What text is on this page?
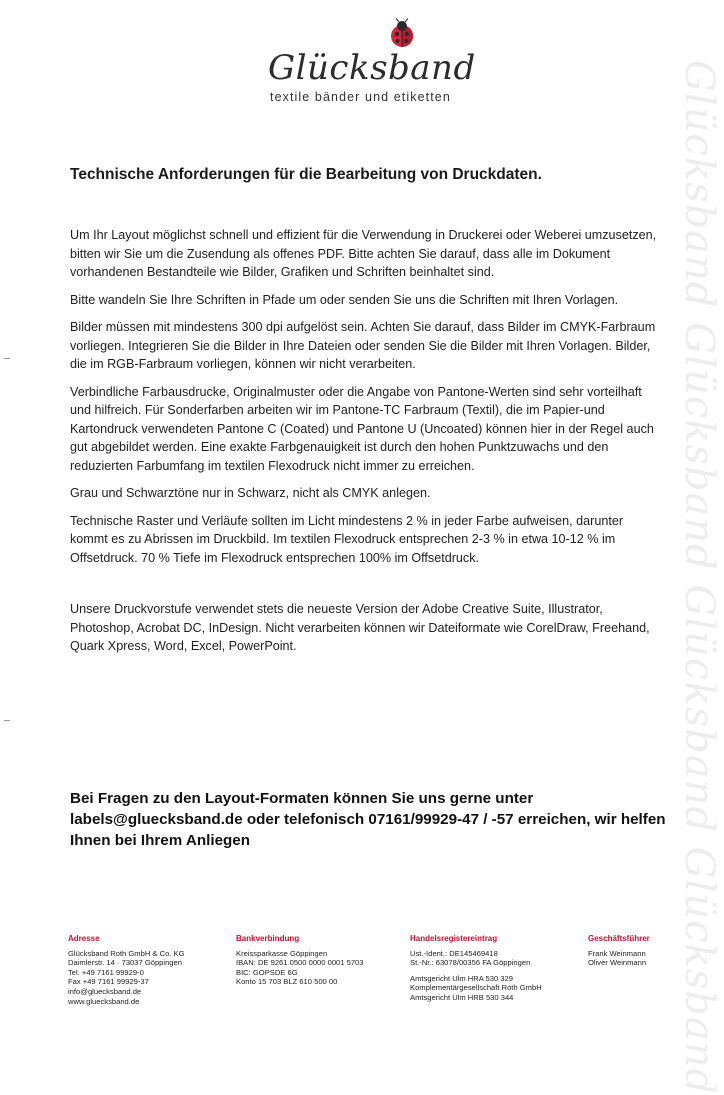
Glücksband Glücksband Glücksband Glücksband
Glücksband
textile bänder und etiketten
Technische Anforderungen für die Bearbeitung von Druckdaten.

Um Ihr Layout möglichst schnell und effizient für die Verwendung in Druckerei oder Weberei umzusetzen, bitten wir Sie um die Zusendung als offenes PDF. Bitte achten Sie darauf, dass alle im Dokument vorhandenen Bestandteile wie Bilder, Grafiken und Schriften beinhaltet sind.

Bitte wandeln Sie Ihre Schriften in Pfade um oder senden Sie uns die Schriften mit Ihren Vorlagen.

Bilder müssen mit mindestens 300 dpi aufgelöst sein. Achten Sie darauf, dass Bilder im CMYK-Farbraum vorliegen. Integrieren Sie die Bilder in Ihre Dateien oder senden Sie die Bilder mit Ihren Vorlagen. Bilder, die im RGB-Farbraum vorliegen, können wir nicht verarbeiten.

Verbindliche Farbausdrucke, Originalmuster oder die Angabe von Pantone-Werten sind sehr vorteilhaft und hilfreich. Für Sonderfarben arbeiten wir im Pantone-TC Farbraum (Textil), die im Papier-und Kartondruck verwendeten Pantone C (Coated) und Pantone U (Uncoated) können hier in der Regel auch gut abgebildet werden. Eine exakte Farbgenauigkeit ist durch den hohen Punktzuwachs und den reduzierten Farbumfang im textilen Flexodruck nicht immer zu erreichen.

Grau und Schwarztöne nur in Schwarz, nicht als CMYK anlegen.

Technische Raster und Verläufe sollten im Licht mindestens 2 % in jeder Farbe aufweisen, darunter kommt es zu Abrissen im Druckbild. Im textilen Flexodruck entsprechen 2-3 % in etwa 10-12 % im Offsetdruck. 70 % Tiefe im Flexodruck entsprechen 100% im Offsetdruck.

Unsere Druckvorstufe verwendet stets die neueste Version der Adobe Creative Suite, Illustrator, Photoshop, Acrobat DC, InDesign. Nicht verarbeiten können wir Dateiformate wie CorelDraw, Freehand, Quark Xpress, Word, Excel, PowerPoint.

Bei Fragen zu den Layout-Formaten können Sie uns gerne unter labels@gluecksband.de oder telefonisch 07161/99929-47 / -57 erreichen, wir helfen Ihnen bei Ihrem Anliegen
Adresse
Glücksband Roth GmbH & Co. KG
Daimlerstr. 14 · 73037 Göppingen
Tel. +49 7161 99929-0
Fax +49 7161 99929-37
info@gluecksband.de
www.gluecksband.de
Bankverbindung
Kreissparkasse Göppingen
IBAN: DE 9261 0500 0000 0001 5703
BIC: GOPSDE 6G
Konto 15 703 BLZ 610 500 00
Handelsregistereintrag
Ust.-Ident.: DE145469418
St.-Nr.: 63078/00356 FA Göppingen
Amtsgericht Ulm HRA 530 329
Komplementärgesellschaft Roth GmbH
Amtsgericht Ulm HRB 530 344
Geschäftsführer
Frank Weinmann
Oliver Weinmann
